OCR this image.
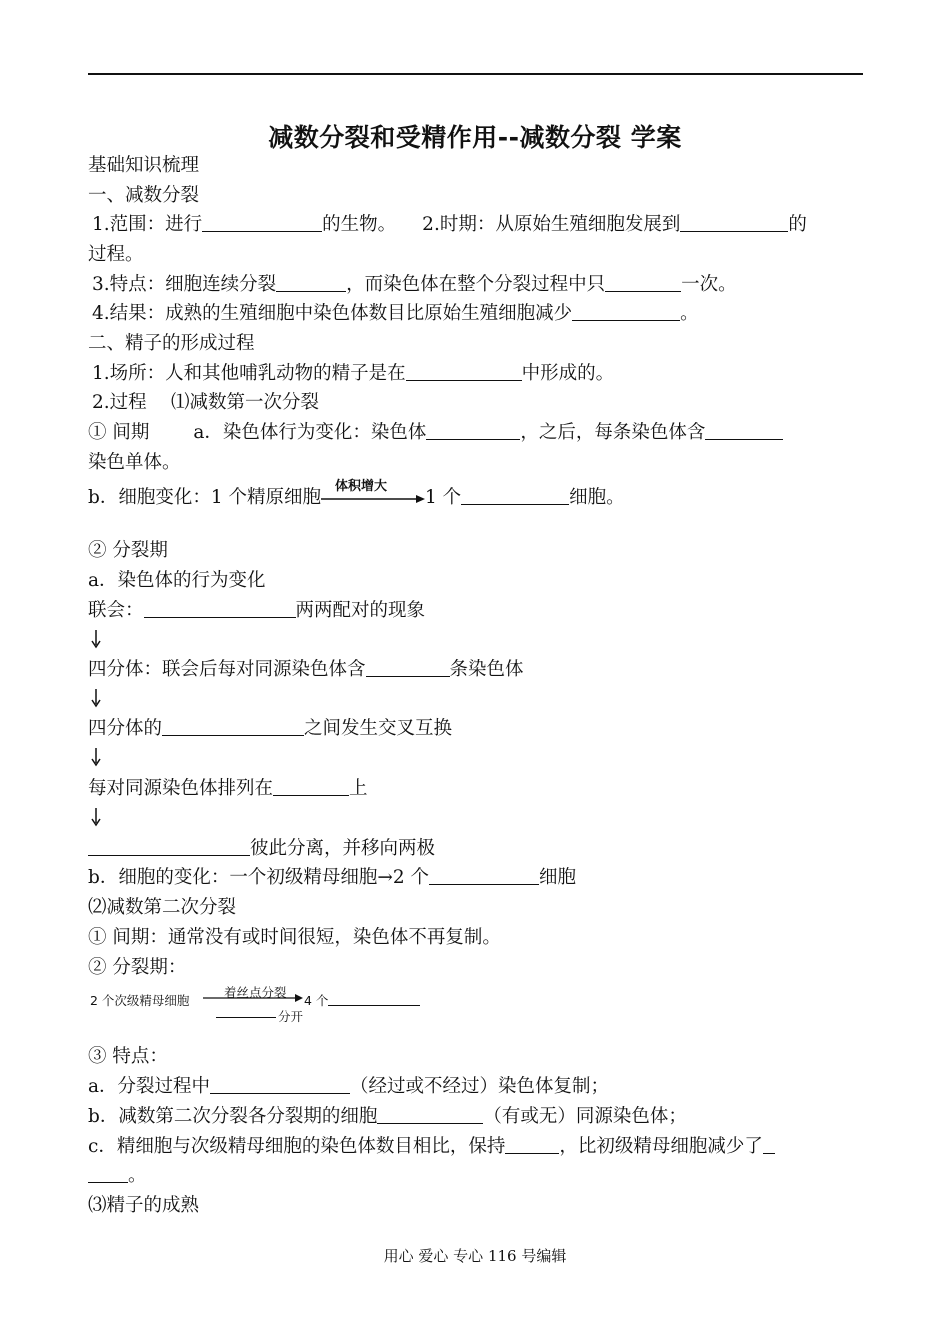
减数分裂和受精作用--减数分裂 学案
基础知识梳理
一、减数分裂
1.范围：进行	的生物。 2.时期：从原始生殖细胞发展到	的
过程。
3.特点：细胞连续分裂	，而染色体在整个分裂过程中只	一次。
4.结果：成熟的生殖细胞中染色体数目比原始生殖细胞减少	。
二、精子的形成过程
1.场所：人和其他哺乳动物的精子是在	中形成的。
2.过程　 ⑴减数第一次分裂
① 间期 a．染色体行为变化：染色体	，之后，每条染色体含
染色单体。
b．细胞变化：1 个精原细胞
体积增大
1 个	细胞。
② 分裂期
a．染色体的行为变化
联会：	两两配对的现象
四分体：联会后每对同源染色体含	条染色体
四分体的	之间发生交叉互换
每对同源染色体排列在	上
彼此分离，并移向两极
b．细胞的变化：一个初级精母细胞→2 个	细胞
⑵减数第二次分裂
① 间期：通常没有或时间很短，染色体不再复制。
② 分裂期：
2 个次级精母细胞
着丝点分裂
4 个
分开
③ 特点：
a．分裂过程中	（经过或不经过）染色体复制；
b．减数第二次分裂各分裂期的细胞	（有或无）同源染色体；
c．精细胞与次级精母细胞的染色体数目相比，保持	，比初级精母细胞减少了
。
⑶精子的成熟
用心 爱心 专心 116 号编辑
